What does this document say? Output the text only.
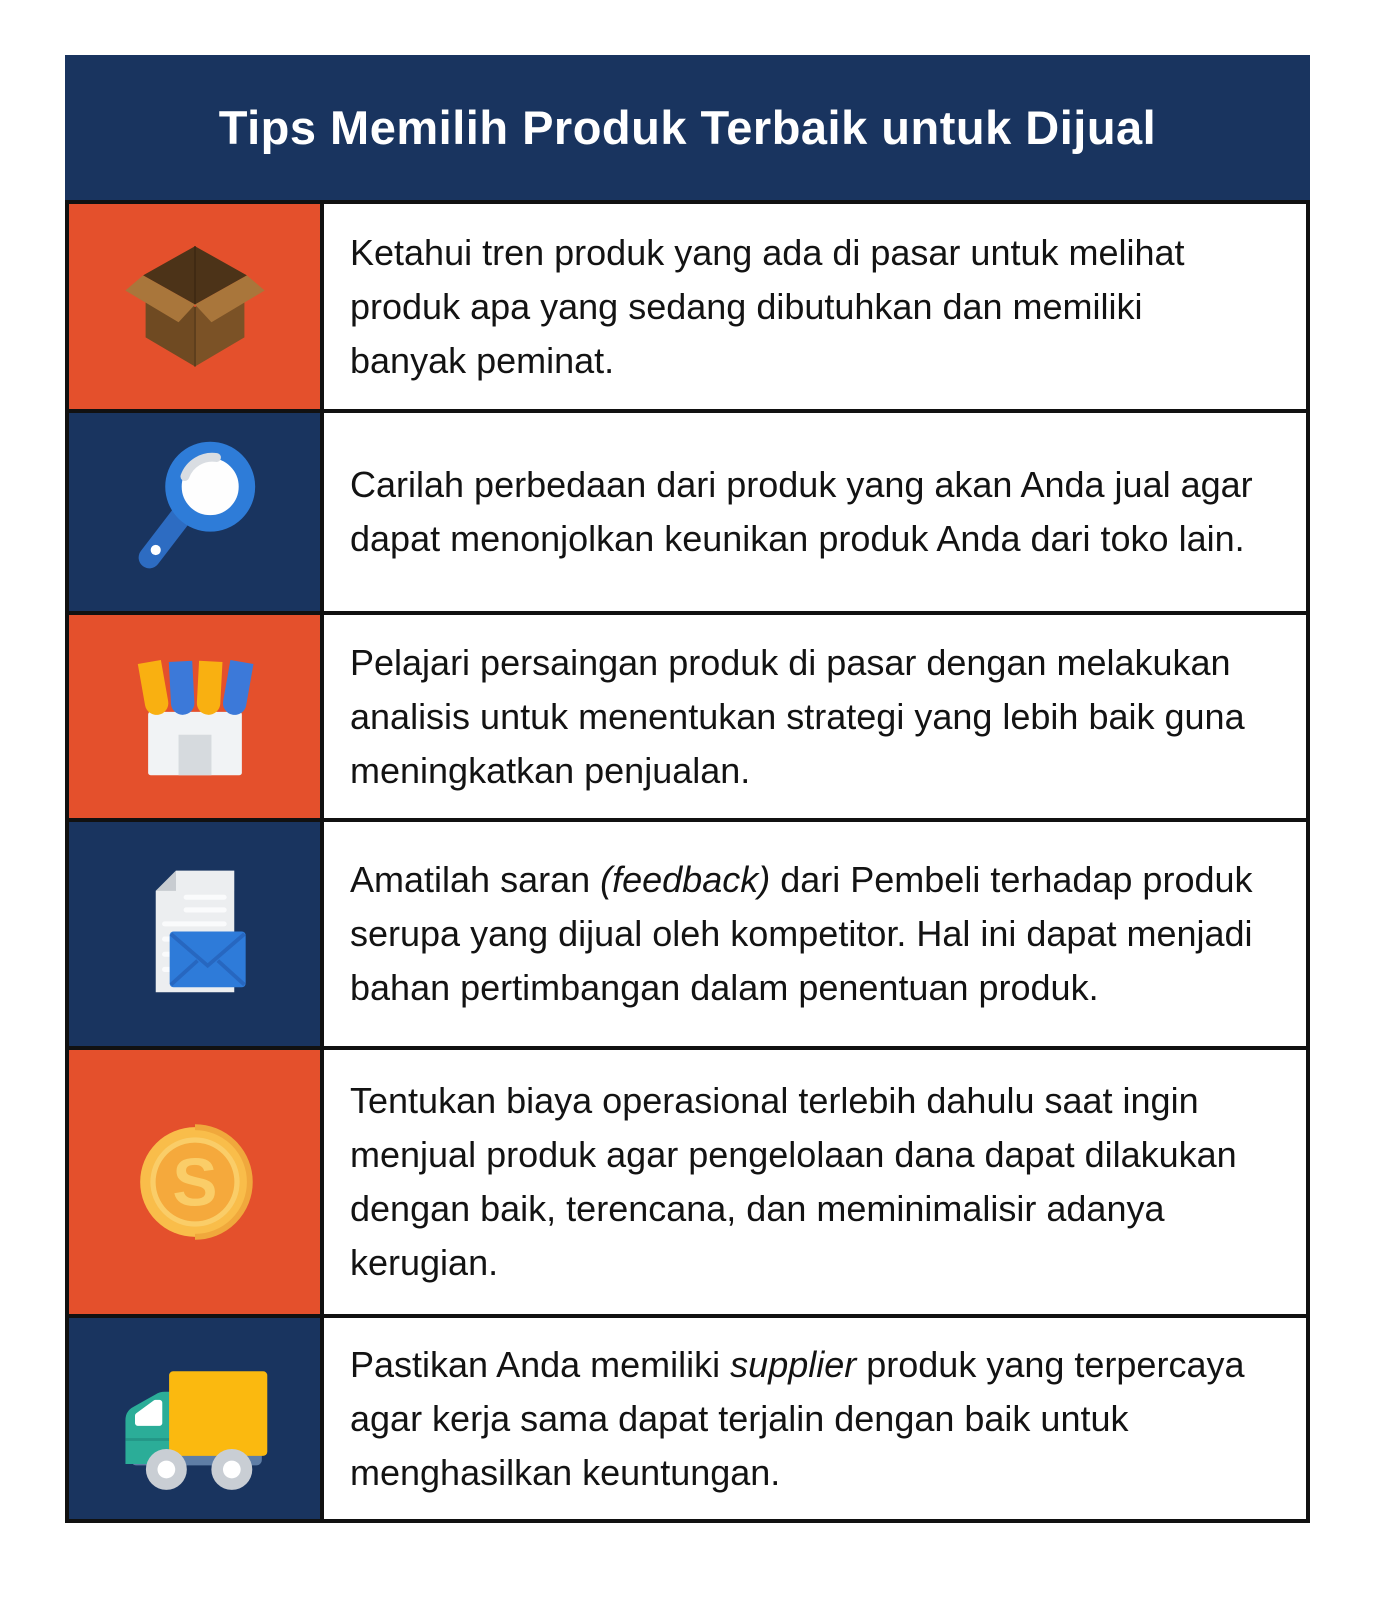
Tips Memilih Produk Terbaik untuk Dijual

Ketahui tren produk yang ada di pasar untuk melihat produk apa yang sedang dibutuhkan dan memiliki banyak peminat.

Carilah perbedaan dari produk yang akan Anda jual agar dapat menonjolkan keunikan produk Anda dari toko lain.

Pelajari persaingan produk di pasar dengan melakukan analisis untuk menentukan strategi yang lebih baik guna meningkatkan penjualan.

Amatilah saran (feedback) dari Pembeli terhadap produk serupa yang dijual oleh kompetitor. Hal ini dapat menjadi bahan pertimbangan dalam penentuan produk.

S

Tentukan biaya operasional terlebih dahulu saat ingin menjual produk agar pengelolaan dana dapat dilakukan dengan baik, terencana, dan meminimalisir adanya kerugian.

Pastikan Anda memiliki supplier produk yang terpercaya agar kerja sama dapat terjalin dengan baik untuk menghasilkan keuntungan.
